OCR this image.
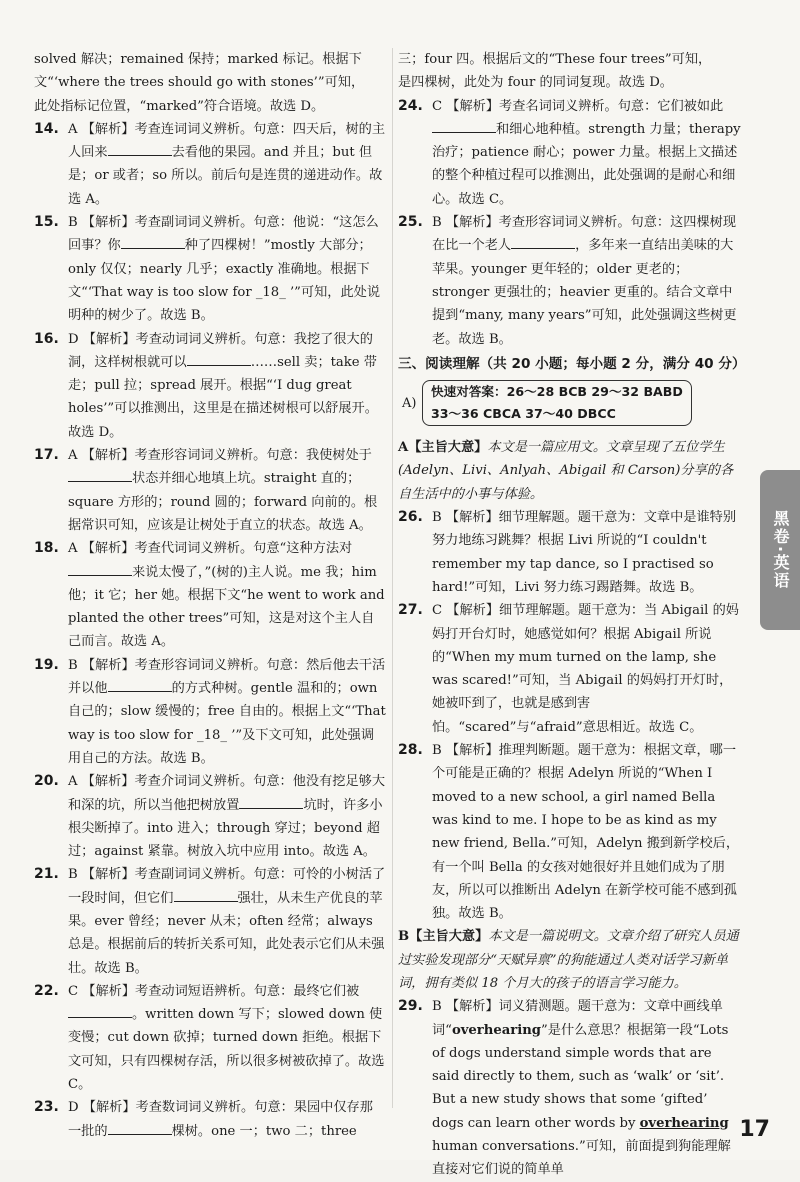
solved 解决；remained 保持；marked 标记。根据下

文“‘where the trees should go with stones’”可知，

此处指标记位置，“marked”符合语境。故选 D。

14. A 【解析】考查连词词义辨析。句意：四天后，树的主人回来	去看他的果园。and 并且；but 但是；or 或者；so 所以。前后句是连贯的递进动作。故选 A。
15. B 【解析】考查副词词义辨析。句意：他说：“这怎么回事？你	种了四棵树！”mostly 大部分；only 仅仅；nearly 几乎；exactly 准确地。根据下文“‘That way is too slow for _18_ ’”可知，此处说明种的树少了。故选 B。
16. D 【解析】考查动词词义辨析。句意：我挖了很大的洞，这样树根就可以	……sell 卖；take 带走；pull 拉；spread 展开。根据“‘I dug great holes’”可以推测出，这里是在描述树根可以舒展开。故选 D。
17. A 【解析】考查形容词词义辨析。句意：我使树处于状态并细心地填上坑。straight 直的；square 方形的；round 圆的；forward 向前的。根据常识可知，应该是让树处于直立的状态。故选 A。
18. A 【解析】考查代词词义辨析。句意“这种方法对来说太慢了，”(树的)主人说。me 我；him 他；it 它；her 她。根据下文“he went to work and planted the other trees”可知，这是对这个主人自己而言。故选 A。
19. B 【解析】考查形容词词义辨析。句意：然后他去干活并以他	的方式种树。gentle 温和的；own 自己的；slow 缓慢的；free 自由的。根据上文“‘That way is too slow for _18_ ’”及下文可知，此处强调用自己的方法。故选 B。
20. A 【解析】考查介词词义辨析。句意：他没有挖足够大和深的坑，所以当他把树放置	坑时，许多小根尖断掉了。into 进入；through 穿过；beyond 超过；against 紧靠。树放入坑中应用 into。故选 A。
21. B 【解析】考查副词词义辨析。句意：可怜的小树活了一段时间，但它们	强壮，从未生产优良的苹果。ever 曾经；never 从未；often 经常；always 总是。根据前后的转折关系可知，此处表示它们从未强壮。故选 B。
22. C 【解析】考查动词短语辨析。句意：最终它们被。written down 写下；slowed down 使变慢；cut down 砍掉；turned down 拒绝。根据下文可知，只有四棵树存活，所以很多树被砍掉了。故选 C。
23. D 【解析】考查数词词义辨析。句意：果园中仅存那一批的	棵树。one 一；two 二；three

三；four 四。根据后文的“These four trees”可知，

是四棵树，此处为 four 的同词复现。故选 D。

24. C 【解析】考查名词词义辨析。句意：它们被如此和细心地种植。strength 力量；therapy 治疗；patience 耐心；power 力量。根据上文描述的整个种植过程可以推测出，此处强调的是耐心和细心。故选 C。
25. B 【解析】考查形容词词义辨析。句意：这四棵树现在比一个老人	，多年来一直结出美味的大苹果。younger 更年轻的；older 更老的；stronger 更强壮的；heavier 更重的。结合文章中提到“many, many years”可知，此处强调这些树更老。故选 B。
三、阅读理解（共 20 小题；每小题 2 分，满分 40 分）
A)
快速对答案：26～28 BCB 29～32 BABD
33～36 CBCA 37～40 DBCC

A【主旨大意】本文是一篇应用文。文章呈现了五位学生(Adelyn、Livi、Anlyah、Abigail 和 Carson)分享的各自生活中的小事与体验。

26. B 【解析】细节理解题。题干意为：文章中是谁特别努力地练习跳舞？根据 Livi 所说的“I couldn't remember my tap dance, so I practised so hard!”可知，Livi 努力练习踢踏舞。故选 B。
27. C 【解析】细节理解题。题干意为：当 Abigail 的妈妈打开台灯时，她感觉如何？根据 Abigail 所说的“When my mum turned on the lamp, she was scared!”可知，当 Abigail 的妈妈打开灯时，她被吓到了，也就是感到害怕。“scared”与“afraid”意思相近。故选 C。
28. B 【解析】推理判断题。题干意为：根据文章，哪一个可能是正确的？根据 Adelyn 所说的“When I moved to a new school, a girl named Bella was kind to me. I hope to be as kind as my new friend, Bella.”可知，Adelyn 搬到新学校后，有一个叫 Bella 的女孩对她很好并且她们成为了朋友，所以可以推断出 Adelyn 在新学校可能不感到孤独。故选 B。

B【主旨大意】本文是一篇说明文。文章介绍了研究人员通过实验发现部分“天赋异禀”的狗能通过人类对话学习新单词，拥有类似 18 个月大的孩子的语言学习能力。

29. B 【解析】词义猜测题。题干意为：文章中画线单词“overhearing”是什么意思？根据第一段“Lots of dogs understand simple words that are said directly to them, such as ‘walk’ or ‘sit’. But a new study shows that some ‘gifted’ dogs can learn other words by overhearing human conversations.”可知，前面提到狗能理解直接对它们说的简单单
黑卷·英语
17
